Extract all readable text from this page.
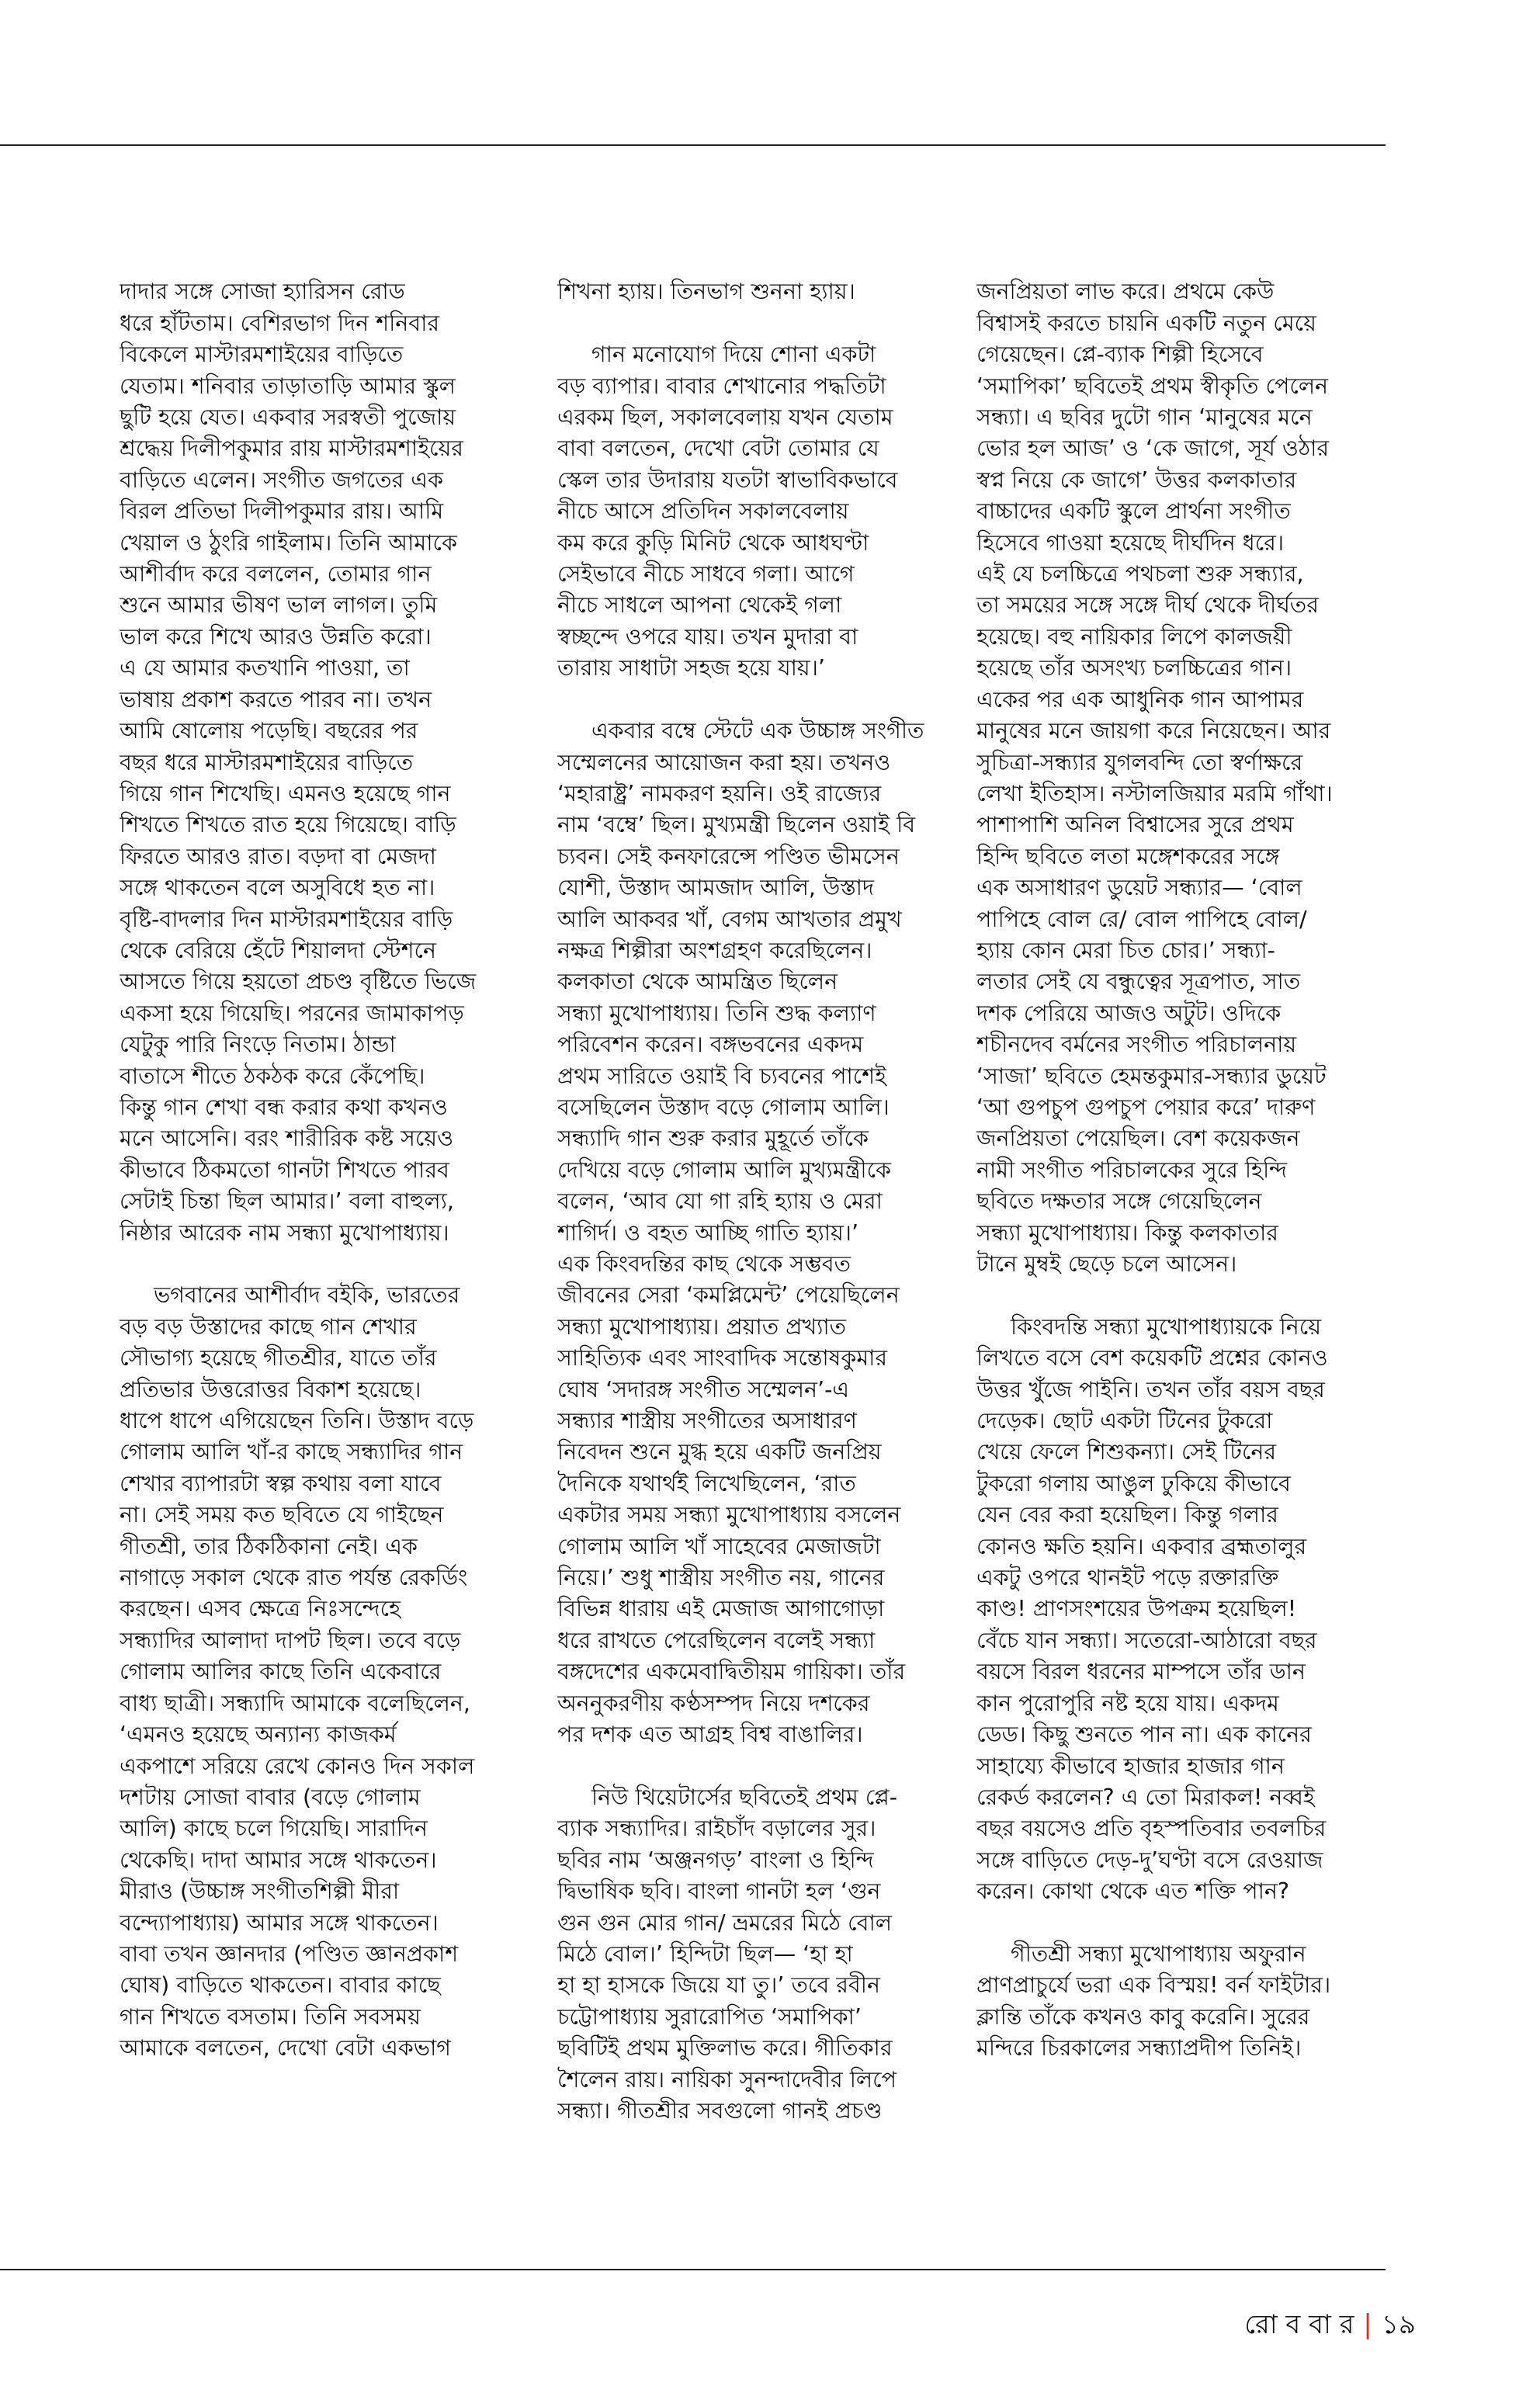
দাদার সঙ্গে সোজা হ্যারিসন রোড
ধরে হাঁটতাম। বেশিরভাগ দিন শনিবার
বিকেলে মাস্টারমশাইয়ের বাড়িতে
যেতাম। শনিবার তাড়াতাড়ি আমার স্কুল
ছুটি হয়ে যেত। একবার সরস্বতী পুজোয়
শ্রদ্ধেয় দিলীপকুমার রায় মাস্টারমশাইয়ের
বাড়িতে এলেন। সংগীত জগতের এক
বিরল প্রতিভা দিলীপকুমার রায়। আমি
খেয়াল ও ঠুংরি গাইলাম। তিনি আমাকে
আশীর্বাদ করে বললেন, তোমার গান
শুনে আমার ভীষণ ভাল লাগল। তুমি
ভাল করে শিখে আরও উন্নতি করো।
এ যে আমার কতখানি পাওয়া, তা
ভাষায় প্রকাশ করতে পারব না। তখন
আমি ষোলোয় পড়েছি। বছরের পর
বছর ধরে মাস্টারমশাইয়ের বাড়িতে
গিয়ে গান শিখেছি। এমনও হয়েছে গান
শিখতে শিখতে রাত হয়ে গিয়েছে। বাড়ি
ফিরতে আরও রাত। বড়দা বা মেজদা
সঙ্গে থাকতেন বলে অসুবিধে হত না।
বৃষ্টি-বাদলার দিন মাস্টারমশাইয়ের বাড়ি
থেকে বেরিয়ে হেঁটে শিয়ালদা স্টেশনে
আসতে গিয়ে হয়তো প্রচণ্ড বৃষ্টিতে ভিজে
একসা হয়ে গিয়েছি। পরনের জামাকাপড়
যেটুকু পারি নিংড়ে নিতাম। ঠান্ডা
বাতাসে শীতে ঠকঠক করে কেঁপেছি।
কিন্তু গান শেখা বন্ধ করার কথা কখনও
মনে আসেনি। বরং শারীরিক কষ্ট সয়েও
কীভাবে ঠিকমতো গানটা শিখতে পারব
সেটাই চিন্তা ছিল আমার।’ বলা বাহুল্য,
নিষ্ঠার আরেক নাম সন্ধ্যা মুখোপাধ্যায়।

ভগবানের আশীর্বাদ বইকি, ভারতের
বড় বড় উস্তাদের কাছে গান শেখার
সৌভাগ্য হয়েছে গীতশ্রীর, যাতে তাঁর
প্রতিভার উত্তরোত্তর বিকাশ হয়েছে।
ধাপে ধাপে এগিয়েছেন তিনি। উস্তাদ বড়ে
গোলাম আলি খাঁ-র কাছে সন্ধ্যাদির গান
শেখার ব্যাপারটা স্বল্প কথায় বলা যাবে
না। সেই সময় কত ছবিতে যে গাইছেন
গীতশ্রী, তার ঠিকঠিকানা নেই। এক
নাগাড়ে সকাল থেকে রাত পর্যন্ত রেকর্ডিং
করছেন। এসব ক্ষেত্রে নিঃসন্দেহে
সন্ধ্যাদির আলাদা দাপট ছিল। তবে বড়ে
গোলাম আলির কাছে তিনি একেবারে
বাধ্য ছাত্রী। সন্ধ্যাদি আমাকে বলেছিলেন,
‘এমনও হয়েছে অন্যান্য কাজকর্ম
একপাশে সরিয়ে রেখে কোনও দিন সকাল
দশটায় সোজা বাবার (বড়ে গোলাম
আলি) কাছে চলে গিয়েছি। সারাদিন
থেকেছি। দাদা আমার সঙ্গে থাকতেন।
মীরাও (উচ্চাঙ্গ সংগীতশিল্পী মীরা
বন্দ্যোপাধ্যায়) আমার সঙ্গে থাকতেন।
বাবা তখন জ্ঞানদার (পণ্ডিত জ্ঞানপ্রকাশ
ঘোষ) বাড়িতে থাকতেন। বাবার কাছে
গান শিখতে বসতাম। তিনি সবসময়
আমাকে বলতেন, দেখো বেটা একভাগ

শিখনা হ্যায়। তিনভাগ শুননা হ্যায়।

গান মনোযোগ দিয়ে শোনা একটা
বড় ব্যাপার। বাবার শেখানোর পদ্ধতিটা
এরকম ছিল, সকালবেলায় যখন যেতাম
বাবা বলতেন, দেখো বেটা তোমার যে
স্কেল তার উদারায় যতটা স্বাভাবিকভাবে
নীচে আসে প্রতিদিন সকালবেলায়
কম করে কুড়ি মিনিট থেকে আধঘণ্টা
সেইভাবে নীচে সাধবে গলা। আগে
নীচে সাধলে আপনা থেকেই গলা
স্বচ্ছন্দে ওপরে যায়। তখন মুদারা বা
তারায় সাধাটা সহজ হয়ে যায়।’

একবার বম্বে স্টেটে এক উচ্চাঙ্গ সংগীত
সম্মেলনের আয়োজন করা হয়। তখনও
‘মহারাষ্ট্র’ নামকরণ হয়নি। ওই রাজ্যের
নাম ‘বম্বে’ ছিল। মুখ্যমন্ত্রী ছিলেন ওয়াই বি
চ্যবন। সেই কনফারেন্সে পণ্ডিত ভীমসেন
যোশী, উস্তাদ আমজাদ আলি, উস্তাদ
আলি আকবর খাঁ, বেগম আখতার প্রমুখ
নক্ষত্র শিল্পীরা অংশগ্রহণ করেছিলেন।
কলকাতা থেকে আমন্ত্রিত ছিলেন
সন্ধ্যা মুখোপাধ্যায়। তিনি শুদ্ধ কল্যাণ
পরিবেশন করেন। বঙ্গভবনের একদম
প্রথম সারিতে ওয়াই বি চ্যবনের পাশেই
বসেছিলেন উস্তাদ বড়ে গোলাম আলি।
সন্ধ্যাদি গান শুরু করার মুহূর্তে তাঁকে
দেখিয়ে বড়ে গোলাম আলি মুখ্যমন্ত্রীকে
বলেন, ‘আব যো গা রহি হ্যায় ও মেরা
শাগির্দ। ও বহত আচ্ছি গাতি হ্যায়।’
এক কিংবদন্তির কাছ থেকে সম্ভবত
জীবনের সেরা ‘কমপ্লিমেন্ট’ পেয়েছিলেন
সন্ধ্যা মুখোপাধ্যায়। প্রয়াত প্রখ্যাত
সাহিত্যিক এবং সাংবাদিক সন্তোষকুমার
ঘোষ ‘সদারঙ্গ সংগীত সম্মেলন’-এ
সন্ধ্যার শাস্ত্রীয় সংগীতের অসাধারণ
নিবেদন শুনে মুগ্ধ হয়ে একটি জনপ্রিয়
দৈনিকে যথার্থই লিখেছিলেন, ‘রাত
একটার সময় সন্ধ্যা মুখোপাধ্যায় বসলেন
গোলাম আলি খাঁ সাহেবের মেজাজটা
নিয়ে।’ শুধু শাস্ত্রীয় সংগীত নয়, গানের
বিভিন্ন ধারায় এই মেজাজ আগাগোড়া
ধরে রাখতে পেরেছিলেন বলেই সন্ধ্যা
বঙ্গদেশের একমেবাদ্বিতীয়ম গায়িকা। তাঁর
অননুকরণীয় কণ্ঠসম্পদ নিয়ে দশকের
পর দশক এত আগ্রহ বিশ্ব বাঙালির।

নিউ থিয়েটার্সের ছবিতেই প্রথম প্লে-
ব্যাক সন্ধ্যাদির। রাইচাঁদ বড়ালের সুর।
ছবির নাম ‘অঞ্জনগড়’ বাংলা ও হিন্দি
দ্বিভাষিক ছবি। বাংলা গানটা হল ‘গুন
গুন গুন মোর গান/ ভ্রমরের মিঠে বোল
মিঠে বোল।’ হিন্দিটা ছিল— ‘হা হা
হা হা হাসকে জিয়ে যা তু।’ তবে রবীন
চট্টোপাধ্যায় সুরারোপিত ‘সমাপিকা’
ছবিটিই প্রথম মুক্তিলাভ করে। গীতিকার
শৈলেন রায়। নায়িকা সুনন্দাদেবীর লিপে
সন্ধ্যা। গীতশ্রীর সবগুলো গানই প্রচণ্ড

জনপ্রিয়তা লাভ করে। প্রথমে কেউ
বিশ্বাসই করতে চায়নি একটি নতুন মেয়ে
গেয়েছেন। প্লে-ব্যাক শিল্পী হিসেবে
‘সমাপিকা’ ছবিতেই প্রথম স্বীকৃতি পেলেন
সন্ধ্যা। এ ছবির দুটো গান ‘মানুষের মনে
ভোর হল আজ’ ও ‘কে জাগে, সূর্য ওঠার
স্বপ্ন নিয়ে কে জাগে’ উত্তর কলকাতার
বাচ্চাদের একটি স্কুলে প্রার্থনা সংগীত
হিসেবে গাওয়া হয়েছে দীর্ঘদিন ধরে।
এই যে চলচ্চিত্রে পথচলা শুরু সন্ধ্যার,
তা সময়ের সঙ্গে সঙ্গে দীর্ঘ থেকে দীর্ঘতর
হয়েছে। বহু নায়িকার লিপে কালজয়ী
হয়েছে তাঁর অসংখ্য চলচ্চিত্রের গান।
একের পর এক আধুনিক গান আপামর
মানুষের মনে জায়গা করে নিয়েছেন। আর
সুচিত্রা-সন্ধ্যার যুগলবন্দি তো স্বর্ণাক্ষরে
লেখা ইতিহাস। নস্টালজিয়ার মরমি গাঁথা।
পাশাপাশি অনিল বিশ্বাসের সুরে প্রথম
হিন্দি ছবিতে লতা মঙ্গেশকরের সঙ্গে
এক অসাধারণ ডুয়েট সন্ধ্যার— ‘বোল
পাপিহে বোল রে/ বোল পাপিহে বোল/
হ্যায় কোন মেরা চিত চোর।’ সন্ধ্যা-
লতার সেই যে বন্ধুত্বের সূত্রপাত, সাত
দশক পেরিয়ে আজও অটুট। ওদিকে
শচীনদেব বর্মনের সংগীত পরিচালনায়
‘সাজা’ ছবিতে হেমন্তকুমার-সন্ধ্যার ডুয়েট
‘আ গুপচুপ গুপচুপ পেয়ার করে’ দারুণ
জনপ্রিয়তা পেয়েছিল। বেশ কয়েকজন
নামী সংগীত পরিচালকের সুরে হিন্দি
ছবিতে দক্ষতার সঙ্গে গেয়েছিলেন
সন্ধ্যা মুখোপাধ্যায়। কিন্তু কলকাতার
টানে মুম্বই ছেড়ে চলে আসেন।

কিংবদন্তি সন্ধ্যা মুখোপাধ্যায়কে নিয়ে
লিখতে বসে বেশ কয়েকটি প্রশ্নের কোনও
উত্তর খুঁজে পাইনি। তখন তাঁর বয়স বছর
দেড়েক। ছোট একটা টিনের টুকরো
খেয়ে ফেলে শিশুকন্যা। সেই টিনের
টুকরো গলায় আঙুল ঢুকিয়ে কীভাবে
যেন বের করা হয়েছিল। কিন্তু গলার
কোনও ক্ষতি হয়নি। একবার ব্রহ্মতালুর
একটু ওপরে থানইট পড়ে রক্তারক্তি
কাণ্ড! প্রাণসংশয়ের উপক্রম হয়েছিল!
বেঁচে যান সন্ধ্যা। সতেরো-আঠারো বছর
বয়সে বিরল ধরনের মাম্পসে তাঁর ডান
কান পুরোপুরি নষ্ট হয়ে যায়। একদম
ডেড। কিছু শুনতে পান না। এক কানের
সাহায্যে কীভাবে হাজার হাজার গান
রেকর্ড করলেন? এ তো মিরাকল! নব্বই
বছর বয়সেও প্রতি বৃহস্পতিবার তবলচির
সঙ্গে বাড়িতে দেড়-দু’ঘণ্টা বসে রেওয়াজ
করেন। কোথা থেকে এত শক্তি পান?

গীতশ্রী সন্ধ্যা মুখোপাধ্যায় অফুরান
প্রাণপ্রাচুর্যে ভরা এক বিস্ময়! বর্ন ফাইটার।
ক্লান্তি তাঁকে কখনও কাবু করেনি। সুরের
মন্দিরে চিরকালের সন্ধ্যাপ্রদীপ তিনিই।

রো ব বা র | ১৯
